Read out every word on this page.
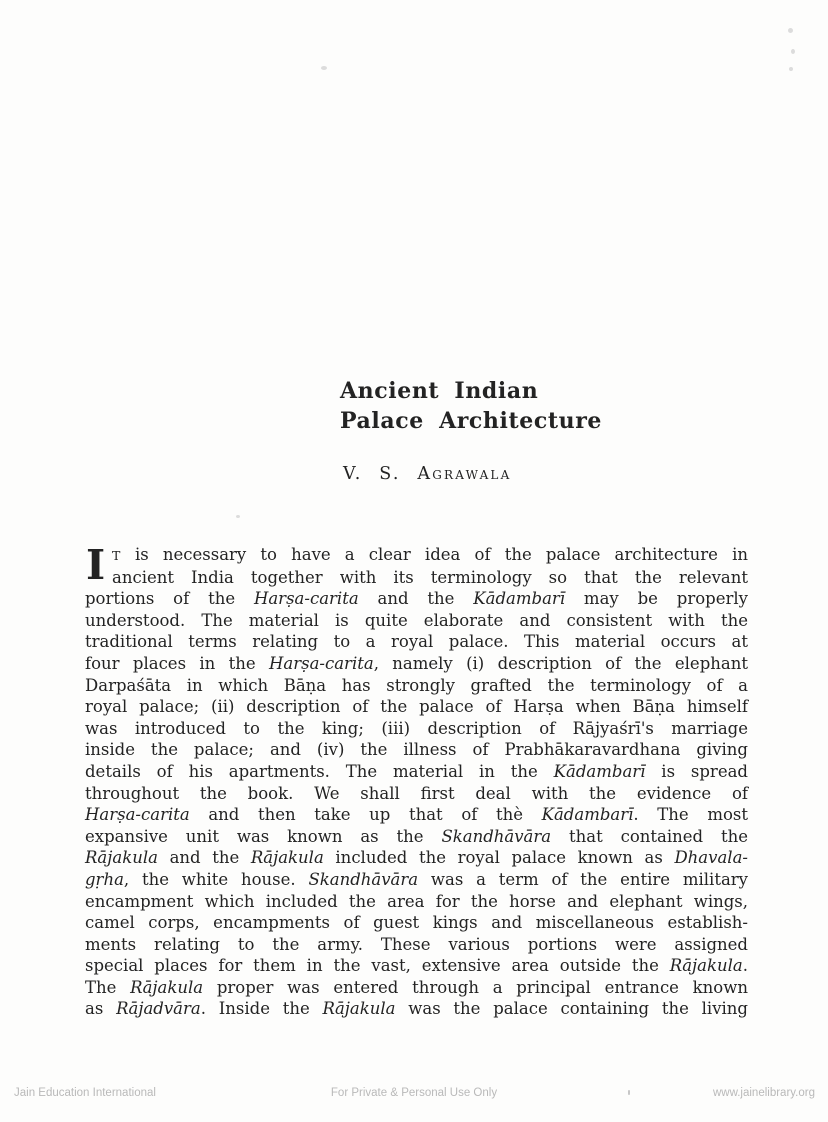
Ancient Indian
Palace Architecture
V. S. Agrawala
I T is necessary to have a clear idea of the palace architecture in
ancient India together with its terminology so that the relevant
portions of the Harṣa-carita and the Kādambarī may be properly
understood. The material is quite elaborate and consistent with the
traditional terms relating to a royal palace. This material occurs at
four places in the Harṣa-carita, namely (i) description of the elephant
Darpaśāta in which Bāṇa has strongly grafted the terminology of a
royal palace; (ii) description of the palace of Harṣa when Bāṇa himself
was introduced to the king; (iii) description of Rājyaśrī's marriage
inside the palace; and (iv) the illness of Prabhākaravardhana giving
details of his apartments. The material in the Kādambarī is spread
throughout the book. We shall first deal with the evidence of
Harṣa-carita and then take up that of thè Kādambarī. The most
expansive unit was known as the Skandhāvāra that contained the
Rājakula and the Rājakula included the royal palace known as Dhavala-
gṛha, the white house. Skandhāvāra was a term of the entire military
encampment which included the area for the horse and elephant wings,
camel corps, encampments of guest kings and miscellaneous establish-
ments relating to the army. These various portions were assigned
special places for them in the vast, extensive area outside the Rājakula.
The Rājakula proper was entered through a principal entrance known
as Rājadvāra. Inside the Rājakula was the palace containing the living
Jain Education International	For Private & Personal Use Only	www.jainelibrary.org
